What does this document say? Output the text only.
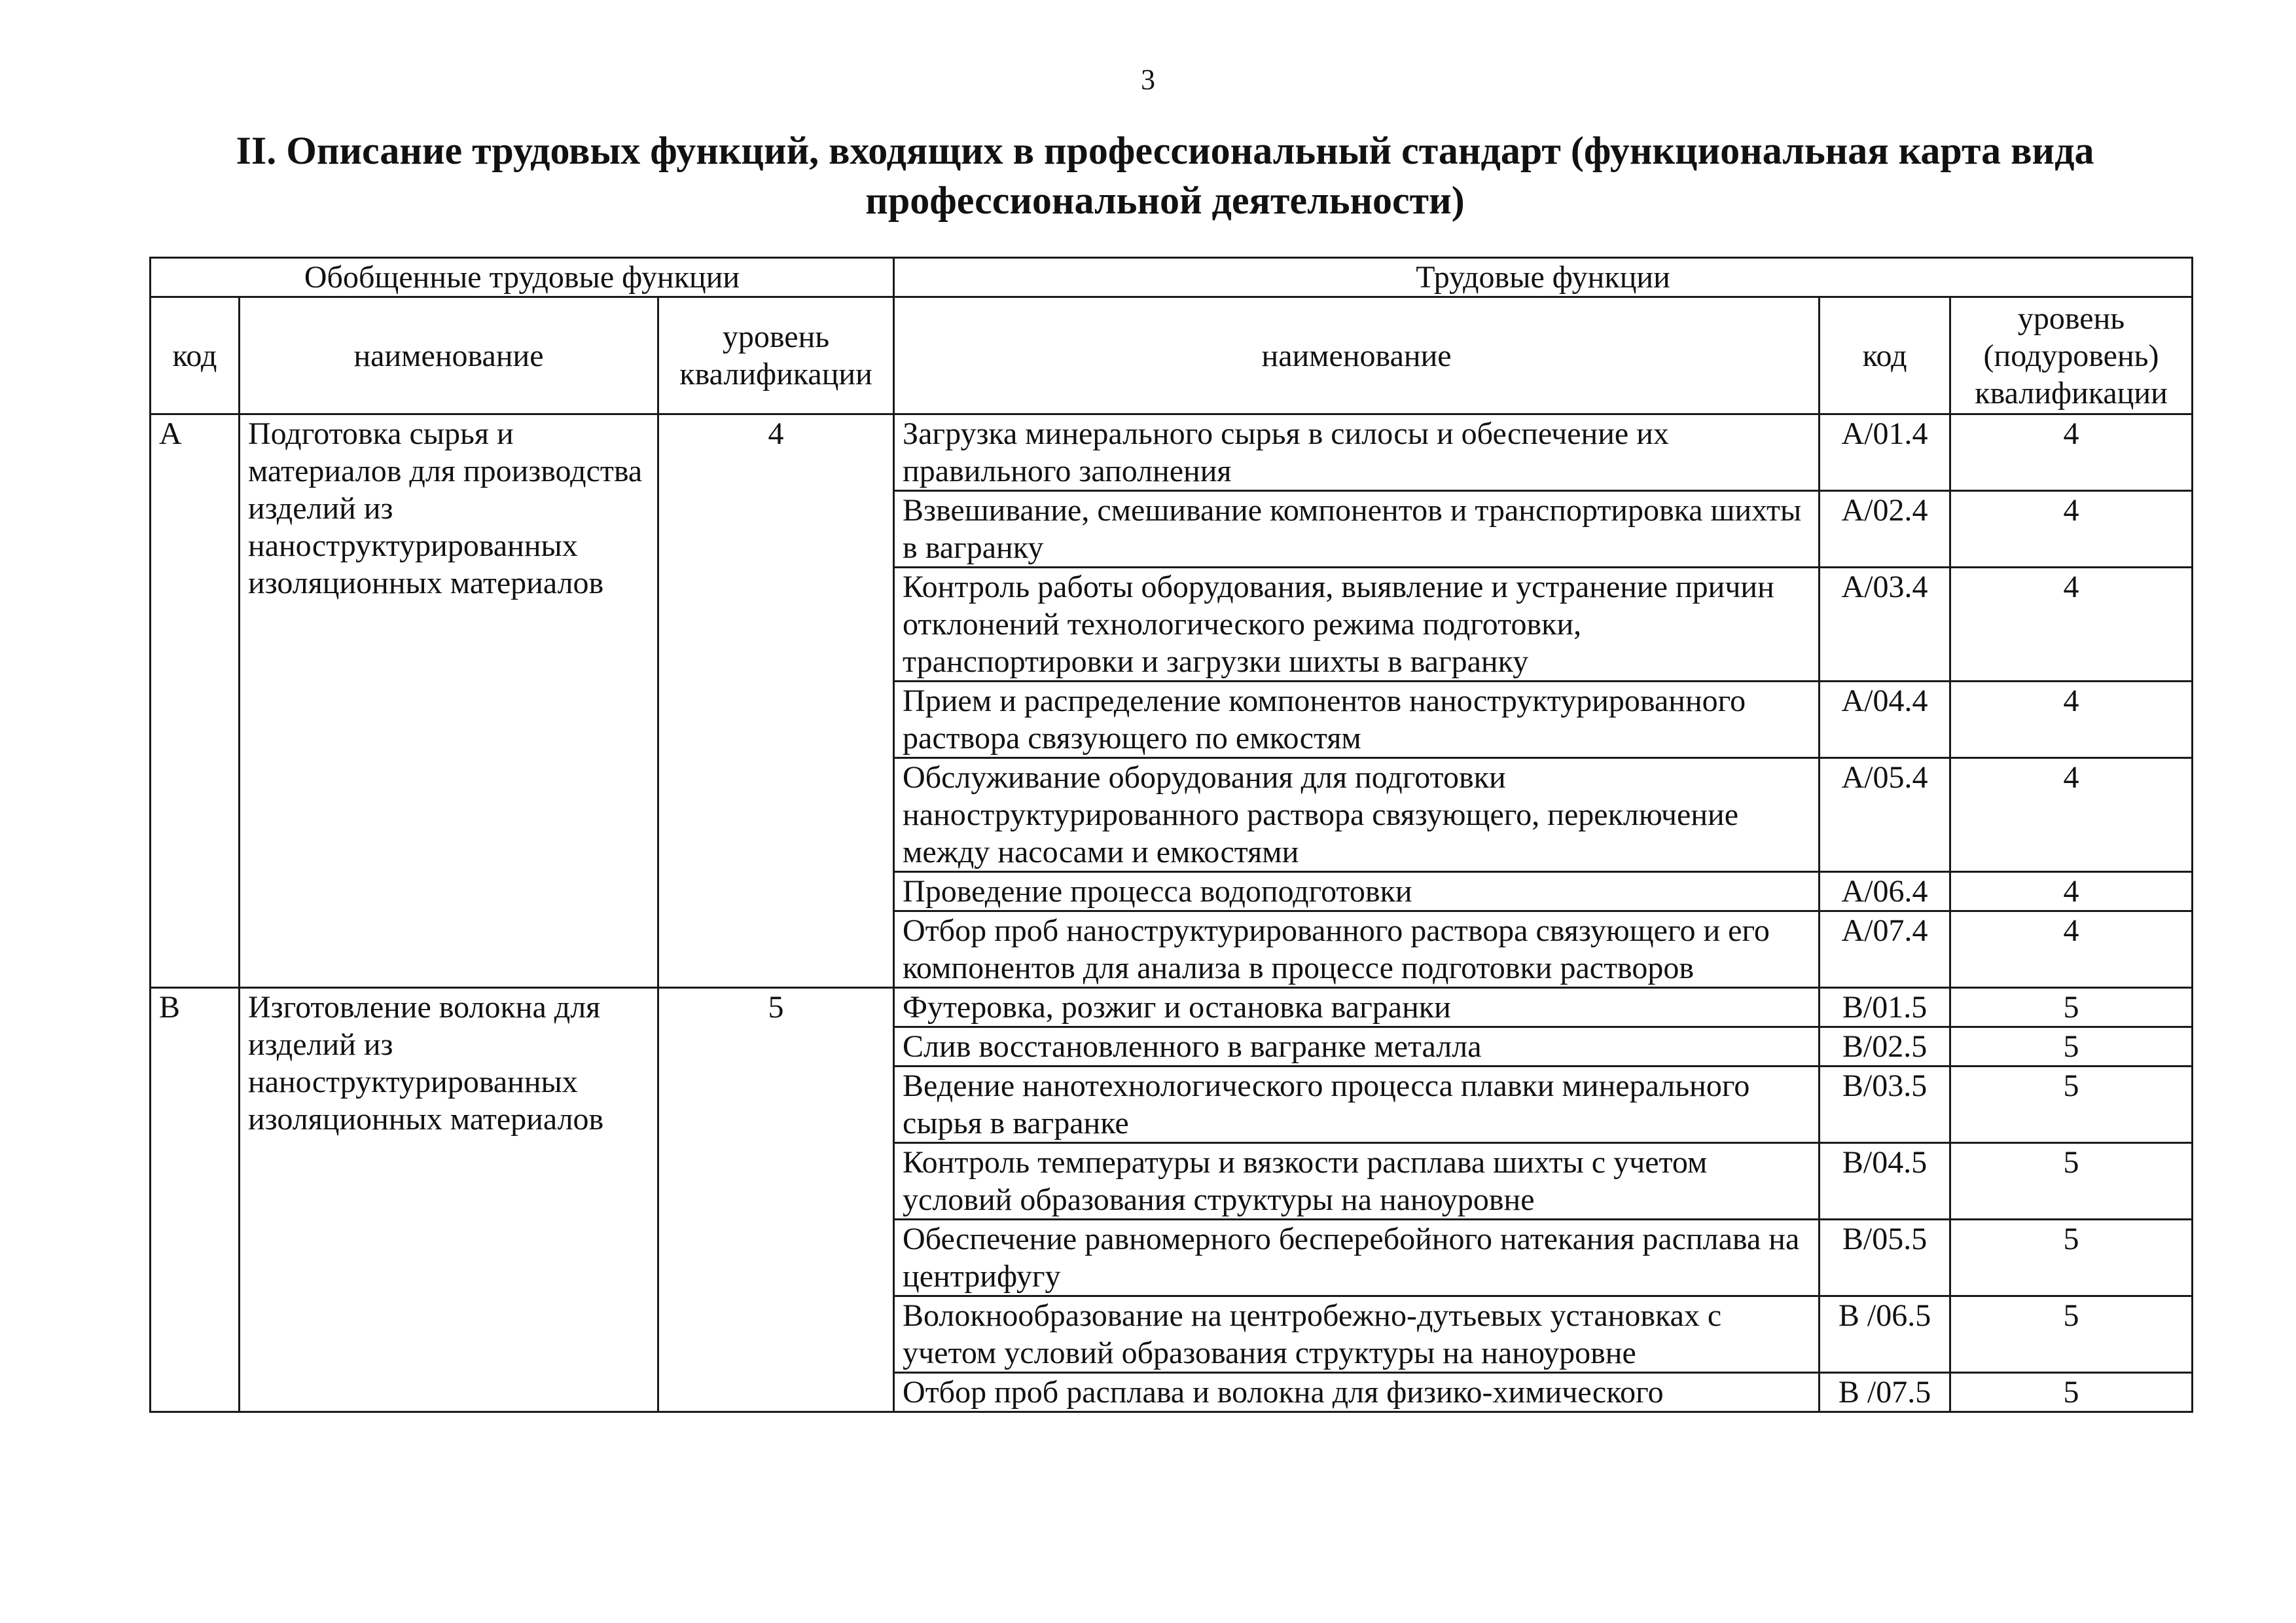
3
II. Описание трудовых функций, входящих в профессиональный стандарт (функциональная карта вида
профессиональной деятельности)
Обобщенные трудовые функции			Трудовые функции		
код	наименование	уровень квалификации	наименование	код	уровень (подуровень) квалификации
A	Подготовка сырья и материалов для производства изделий из наноструктурированных изоляционных материалов	4	Загрузка минерального сырья в силосы и обеспечение их правильного заполнения	A/01.4	4
			Взвешивание, смешивание компонентов и транспортировка шихты в вагранку	A/02.4	4
			Контроль работы оборудования, выявление и устранение причин отклонений технологического режима подготовки, транспортировки и загрузки шихты в вагранку	A/03.4	4
			Прием и распределение компонентов наноструктурированного раствора связующего по емкостям	A/04.4	4
			Обслуживание оборудования для подготовки наноструктурированного раствора связующего, переключение между насосами и емкостями	A/05.4	4
			Проведение процесса водоподготовки	A/06.4	4
			Отбор проб наноструктурированного раствора связующего и его компонентов для анализа в процессе подготовки растворов	A/07.4	4
B	Изготовление волокна для изделий из наноструктурированных изоляционных материалов	5	Футеровка, розжиг и остановка вагранки	B/01.5	5
			Слив восстановленного в вагранке металла	B/02.5	5
			Ведение нанотехнологического процесса плавки минерального сырья в вагранке	B/03.5	5
			Контроль температуры и вязкости расплава шихты с учетом условий образования структуры на наноуровне	B/04.5	5
			Обеспечение равномерного бесперебойного натекания расплава на центрифугу	B/05.5	5
			Волокнообразование на центробежно-дутьевых установках с учетом условий образования структуры на наноуровне	B /06.5	5
			Отбор проб расплава и волокна для физико-химического	B /07.5	5
